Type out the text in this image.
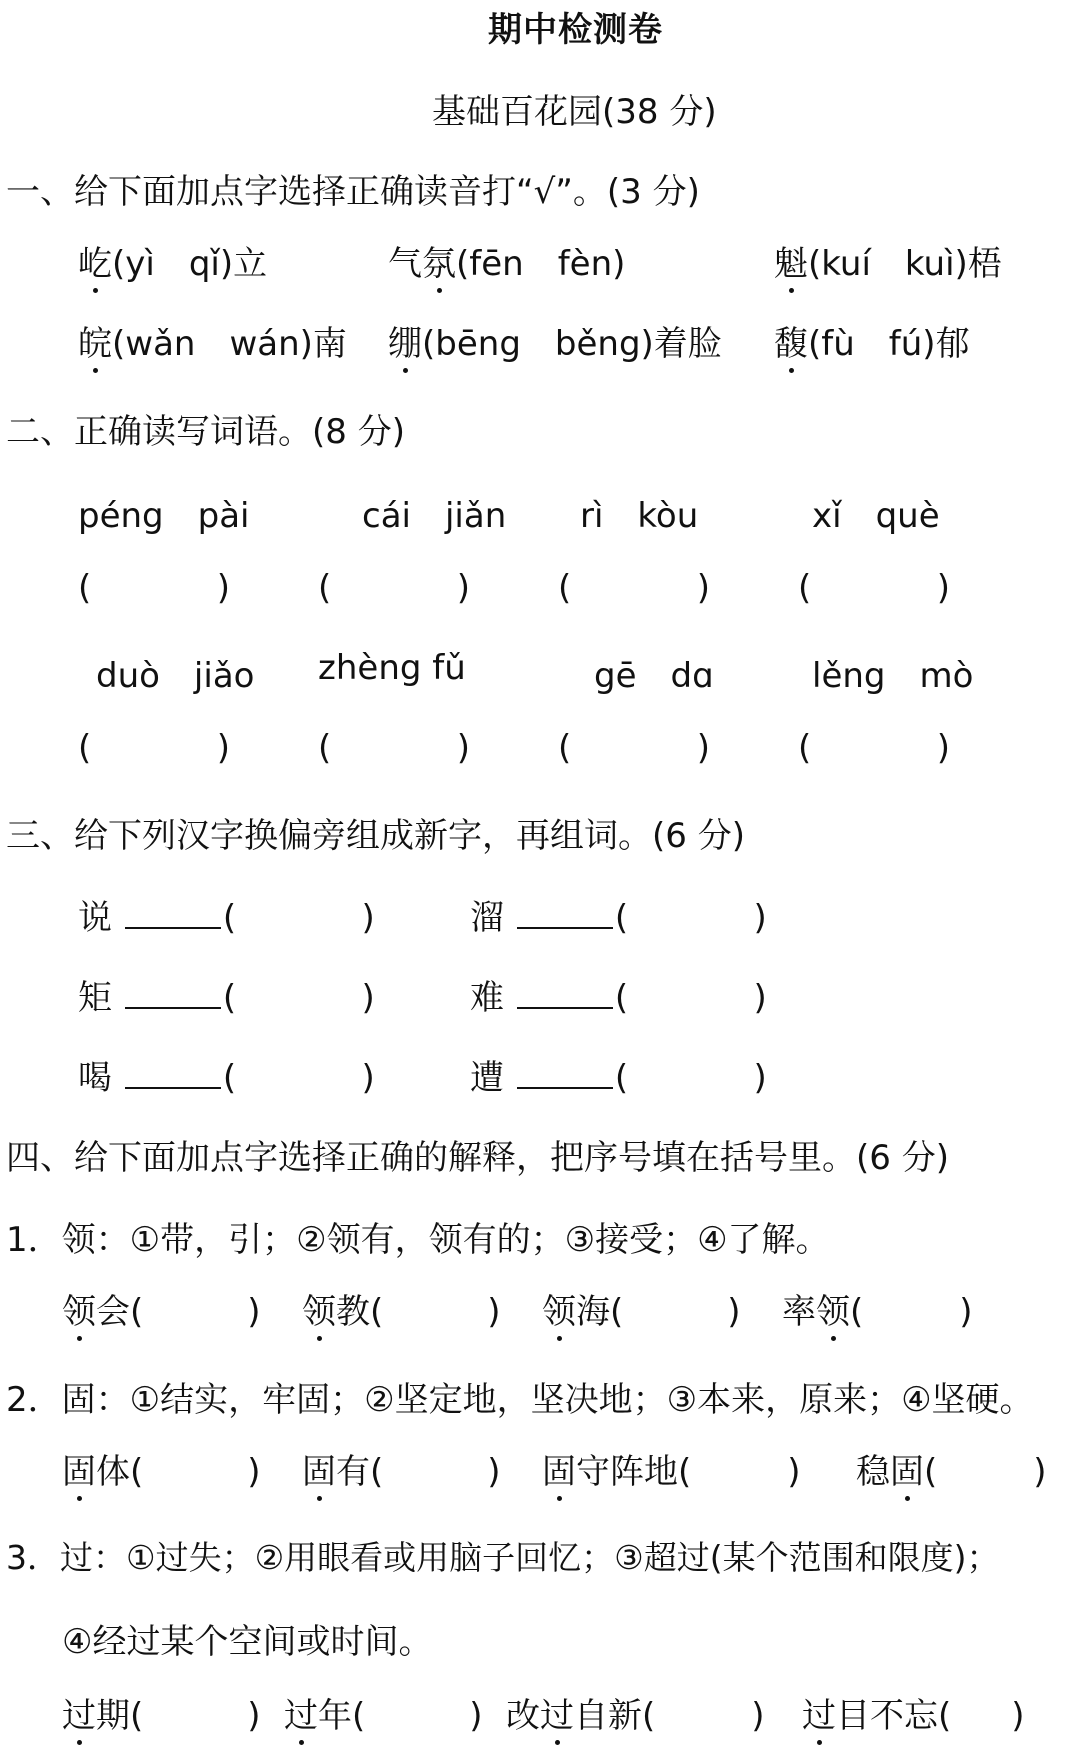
期中检测卷
基础百花园(38 分)
一、给下面加点字选择正确读音打“√”。(3 分)
屹(yì　qǐ)立	气氛(fēn　fèn)	魁(kuí　kuì)梧
皖(wǎn　wán)南 绷(bēng　běng)着脸 馥(fù　fú)郁
二、正确读写词语。(8 分)
péng　pài	cái　jiǎn rì　kòu	xǐ　què
(	)	(	)	(	)	(	)
duò　jiǎo zhèng fǔ	gē　dɑ	lěng　mò
(	)	(	)	(	)	(	)
三、给下列汉字换偏旁组成新字，再组词。(6 分)
说	(	)	溜	(	)
矩	(	)	难	(	)
喝	(	)	遭	(	)
四、给下面加点字选择正确的解释，把序号填在括号里。(6 分)
1．领：①带，引；②领有，领有的；③接受；④了解。
领会(	) 领教(	) 领海(	) 率领(	)
2．固：①结实，牢固；②坚定地，坚决地；③本来，原来；④坚硬。
固体(	) 固有(	) 固守阵地(	) 稳固(	)
3．过：①过失；②用眼看或用脑子回忆；③超过(某个范围和限度)；
④经过某个空间或时间。
过期(	) 过年(	) 改过自新(	) 过目不忘( )
